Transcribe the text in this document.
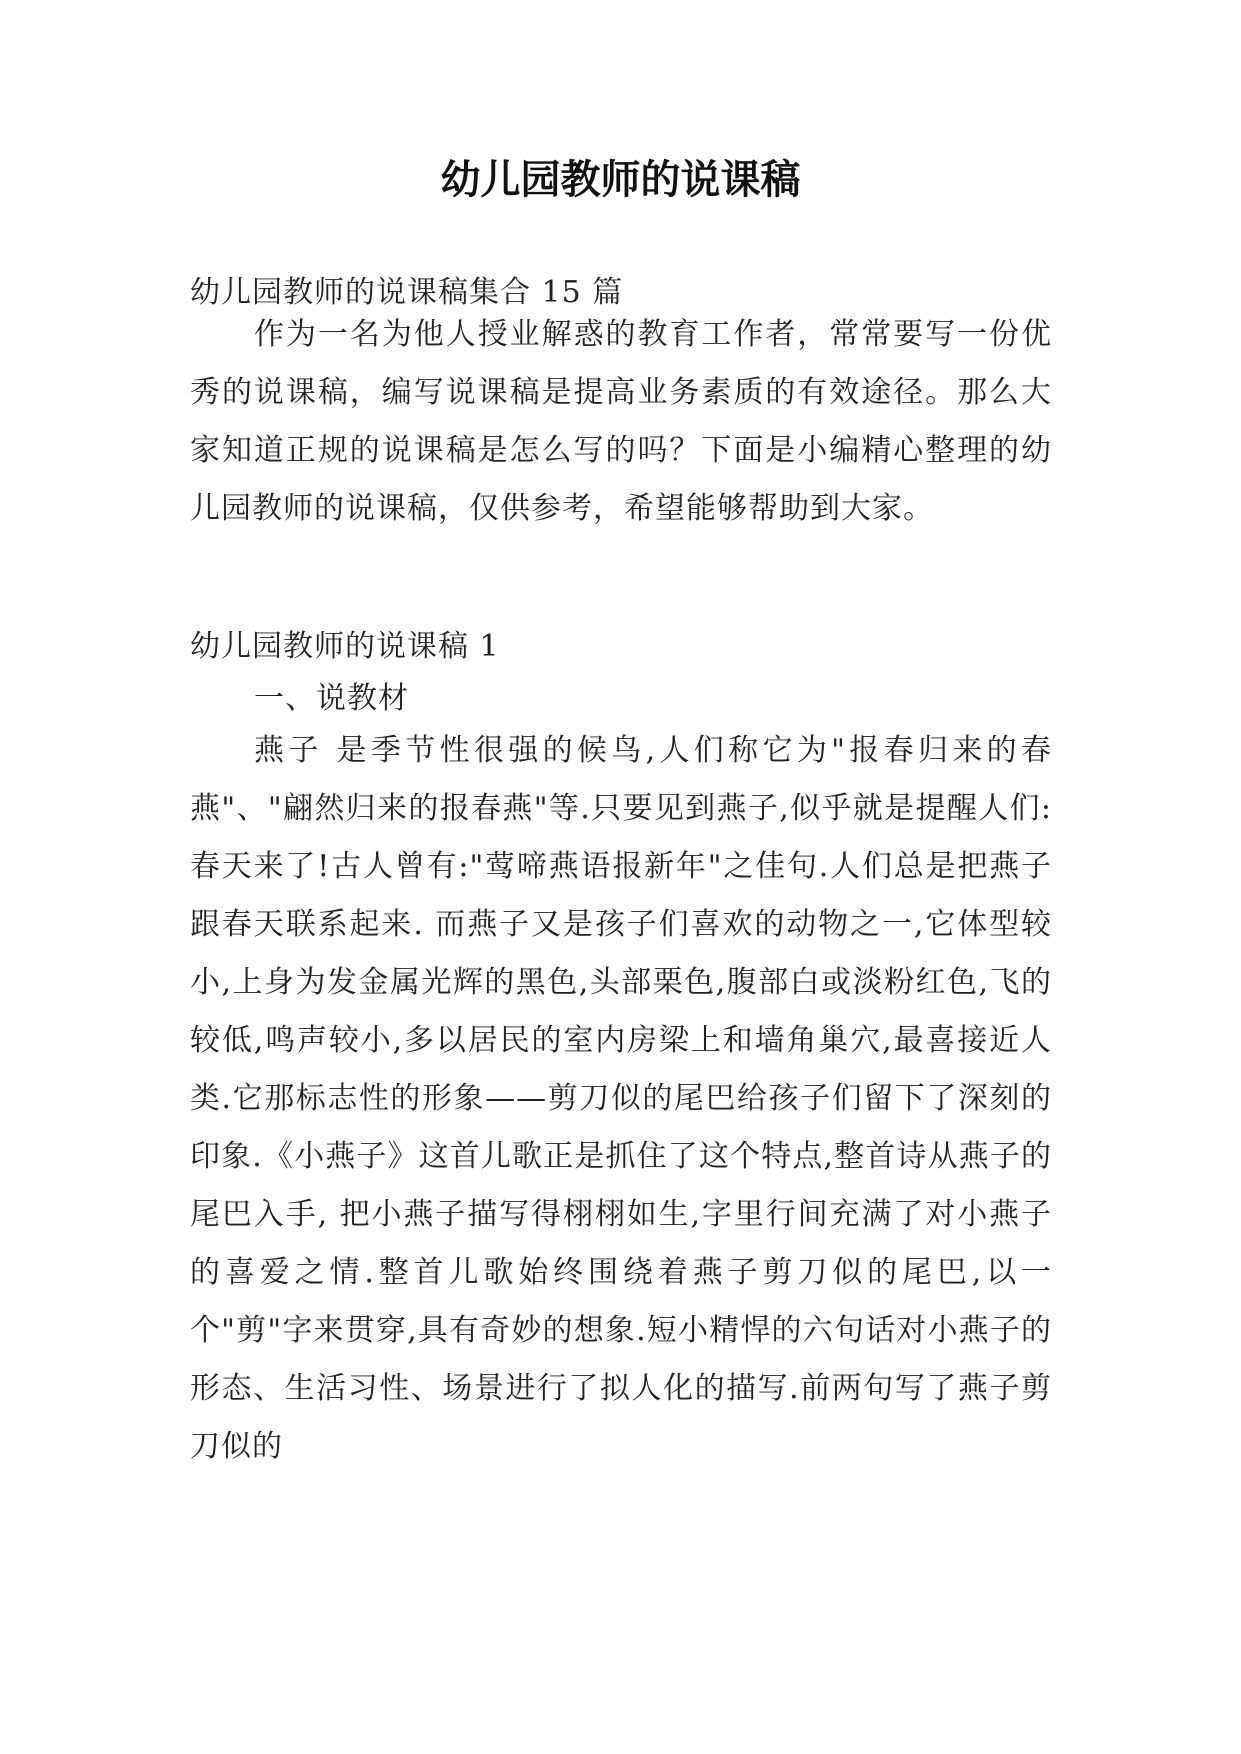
幼儿园教师的说课稿

幼儿园教师的说课稿集合 15 篇

作为一名为他人授业解惑的教育工作者，常常要写一份优秀的说课稿，编写说课稿是提高业务素质的有效途径。那么大家知道正规的说课稿是怎么写的吗？下面是小编精心整理的幼儿园教师的说课稿，仅供参考，希望能够帮助到大家。

幼儿园教师的说课稿 1

一、说教材

燕子 是季节性很强的候鸟,人们称它为"报春归来的春燕"、"翩然归来的报春燕"等.只要见到燕子,似乎就是提醒人们:春天来了!古人曾有:"莺啼燕语报新年"之佳句.人们总是把燕子跟春天联系起来. 而燕子又是孩子们喜欢的动物之一,它体型较小,上身为发金属光辉的黑色,头部栗色,腹部白或淡粉红色,飞的较低,鸣声较小,多以居民的室内房梁上和墙角巢穴,最喜接近人类.它那标志性的形象——剪刀似的尾巴给孩子们留下了深刻的印象.《小燕子》这首儿歌正是抓住了这个特点,整首诗从燕子的尾巴入手, 把小燕子描写得栩栩如生,字里行间充满了对小燕子的喜爱之情.整首儿歌始终围绕着燕子剪刀似的尾巴,以一个"剪"字来贯穿,具有奇妙的想象.短小精悍的六句话对小燕子的形态、生活习性、场景进行了拟人化的描写.前两句写了燕子剪刀似的
